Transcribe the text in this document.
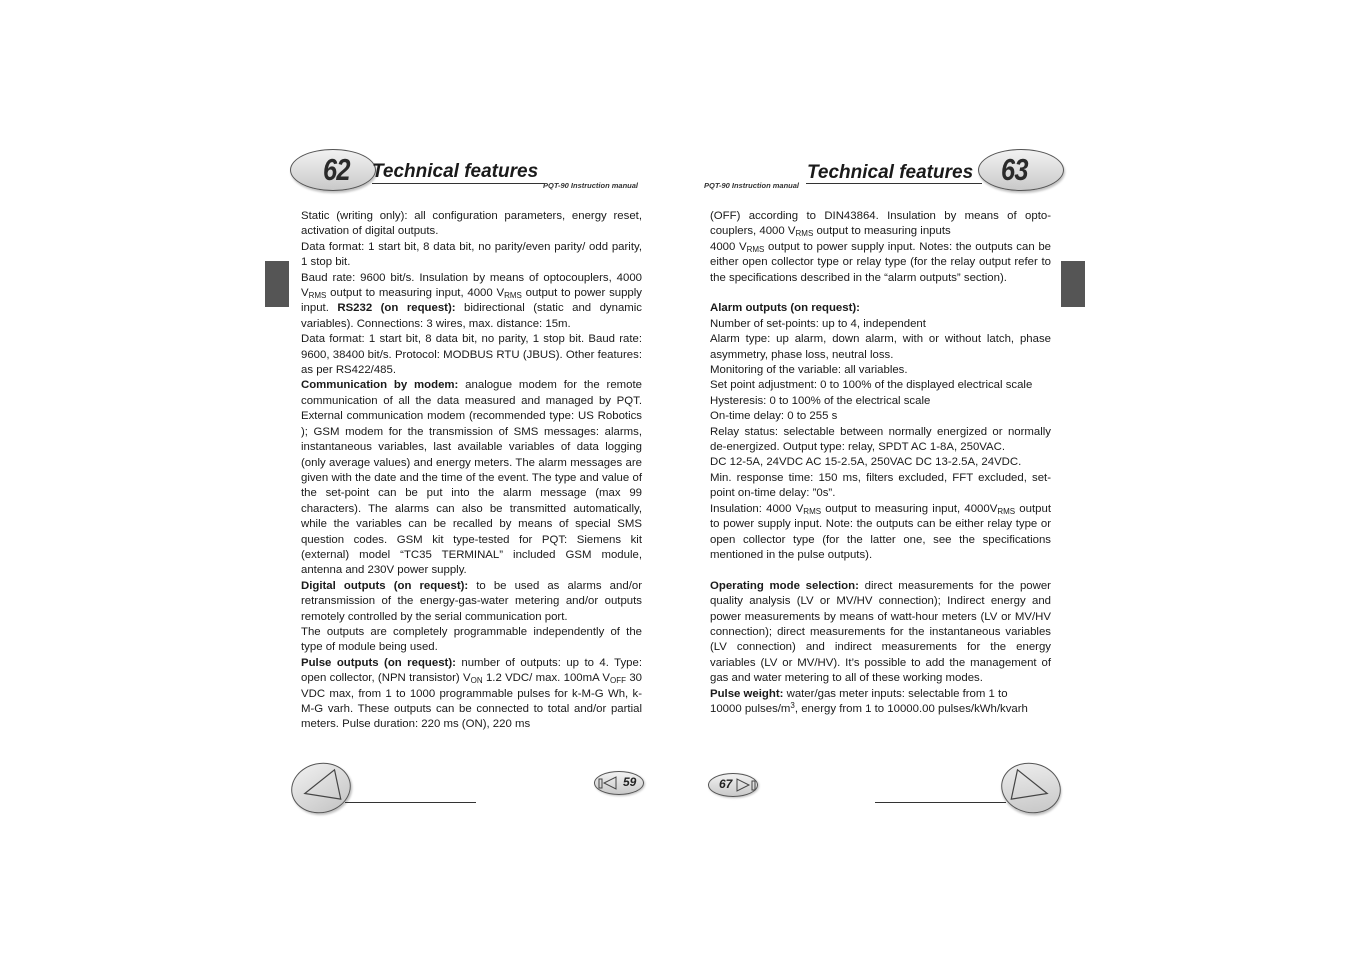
62 Technical features
PQT-90 Instruction manual

Static (writing only): all configuration parameters, energy reset, activation of digital outputs.

Data format: 1 start bit, 8 data bit, no parity/even parity/ odd parity, 1 stop bit.

Baud rate: 9600 bit/s. Insulation by means of optocouplers, 4000 $V_{RMS}$ output to measuring input, 4000 $V_{RMS}$ output to power supply input. RS232 (on request): bidirectional (static and dynamic variables). Connections: 3 wires, max. distance: 15m.

Data format: 1 start bit, 8 data bit, no parity, 1 stop bit. Baud rate: 9600, 38400 bit/s. Protocol: MODBUS RTU (JBUS). Other features: as per RS422/485.

Communication by modem: analogue modem for the remote communication of all the data measured and managed by PQT. External communication modem (recommended type: US Robotics ); GSM modem for the transmission of SMS messages: alarms, instantaneous variables, last available variables of data logging (only average values) and energy meters. The alarm messages are given with the date and the time of the event. The type and value of the set-point can be put into the alarm message (max 99 characters). The alarms can also be transmitted automatically, while the variables can be recalled by means of special SMS question codes. GSM kit type-tested for PQT: Siemens kit (external) model “TC35 TERMINAL” included GSM module, antenna and 230V power supply.

Digital outputs (on request): to be used as alarms and/or retransmission of the energy-gas-water metering and/or outputs remotely controlled by the serial communication port.

The outputs are completely programmable independently of the type of module being used.

Pulse outputs (on request): number of outputs: up to 4. Type: open collector, (NPN transistor) $V_{ON}$ 1.2 VDC/ max. 100mA $V_{OFF}$ 30 VDC max, from 1 to 1000 programmable pulses for k-M-G Wh, k-M-G varh. These outputs can be connected to total and/or partial meters. Pulse duration: 220 ms (ON), 220 ms

59
PQT-90 Instruction manual
Technical features 63

(OFF) according to DIN43864. Insulation by means of opto-couplers, 4000 $V_{RMS}$ output to measuring inputs

4000 $V_{RMS}$ output to power supply input. Notes: the outputs can be either open collector type or relay type (for the relay output refer to the specifications described in the “alarm outputs” section).

Alarm outputs (on request):

Number of set-points: up to 4, independent

Alarm type: up alarm, down alarm, with or without latch, phase asymmetry, phase loss, neutral loss.

Monitoring of the variable: all variables.

Set point adjustment: 0 to 100% of the displayed electrical scale

Hysteresis: 0 to 100% of the electrical scale

On-time delay: 0 to 255 s

Relay status: selectable between normally energized or normally de-energized. Output type: relay, SPDT AC 1-8A, 250VAC.

DC 12-5A, 24VDC AC 15-2.5A, 250VAC DC 13-2.5A, 24VDC.

Min. response time: 150 ms, filters excluded, FFT excluded, set-point on-time delay: ”0s”.

Insulation: 4000 $V_{RMS}$ output to measuring input, $4000V_{RMS}$ output to power supply input. Note: the outputs can be either relay type or open collector type (for the latter one, see the specifications mentioned in the pulse outputs).

Operating mode selection: direct measurements for the power quality analysis (LV or MV/HV connection); Indirect energy and power measurements by means of watt-hour meters (LV or MV/HV connection); direct measurements for the instantaneous variables (LV connection) and indirect measurements for the energy variables (LV or MV/HV). It’s possible to add the management of gas and water metering to all of these working modes.

Pulse weight: water/gas meter inputs: selectable from 1 to

10000 pulses/$m^3$, energy from 1 to 10000.00 pulses/kWh/kvarh

67
